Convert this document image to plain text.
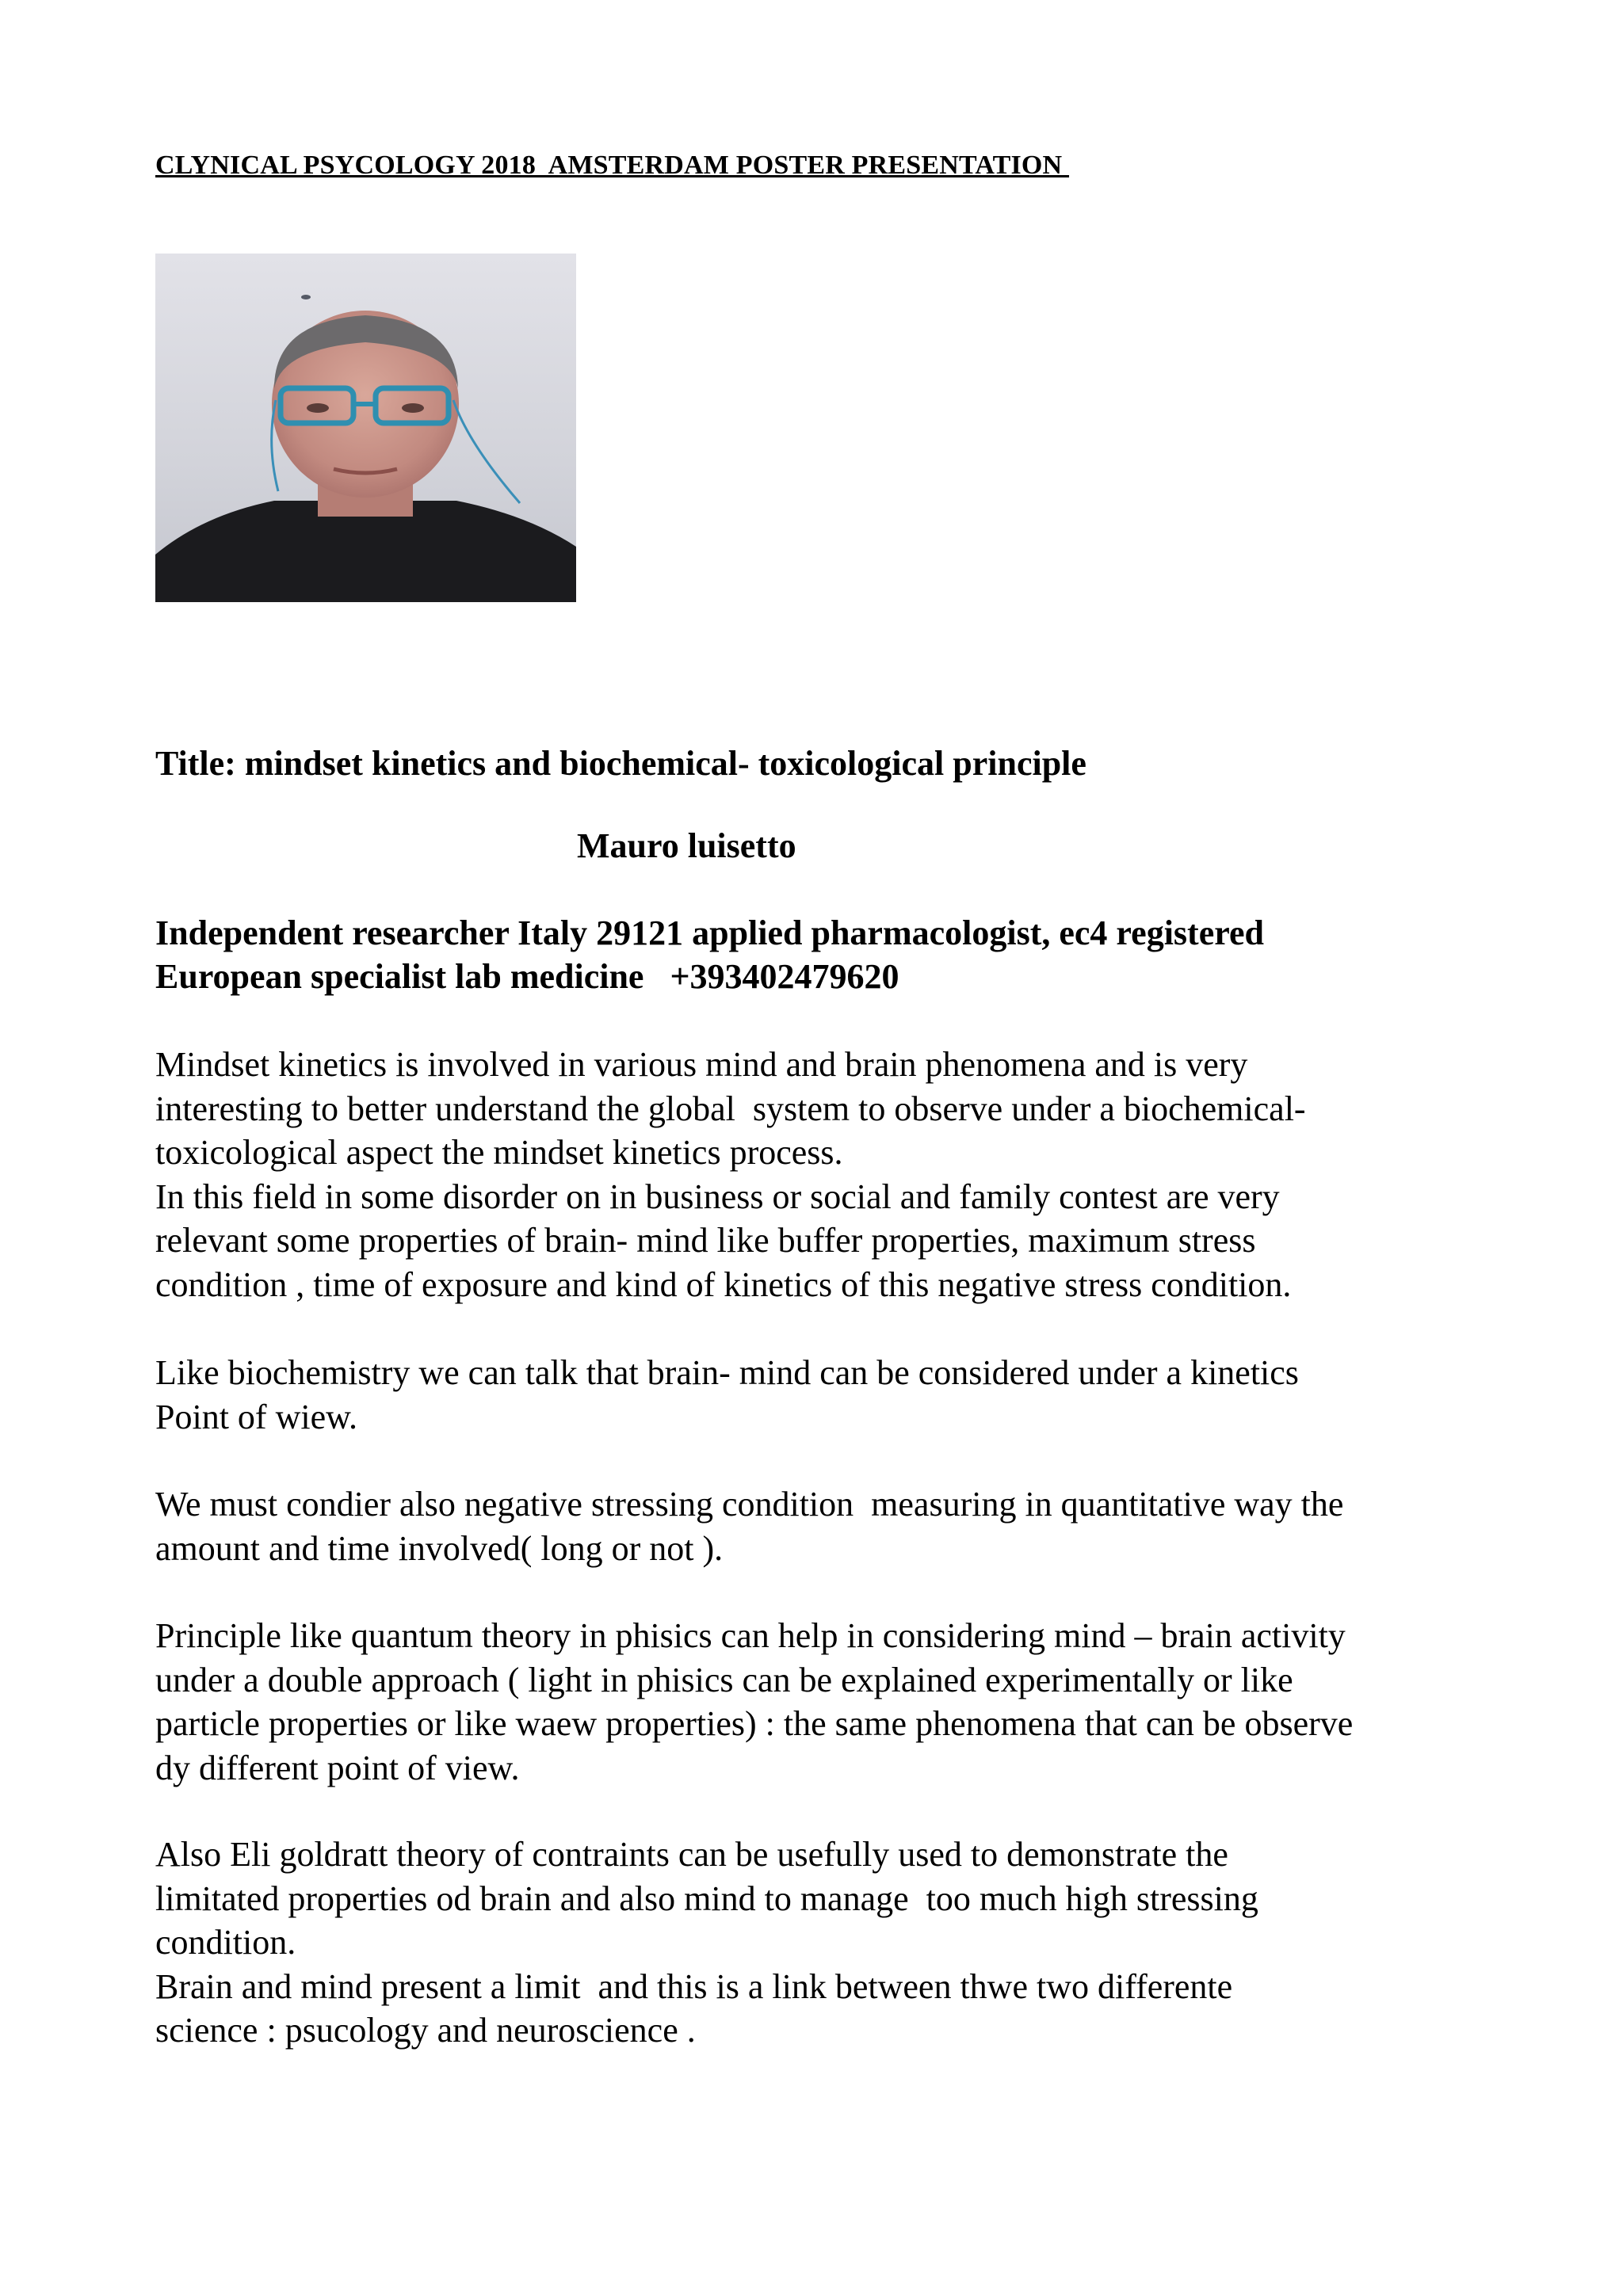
CLYNICAL PSYCOLOGY 2018  AMSTERDAM POSTER PRESENTATION
Title: mindset kinetics and biochemical- toxicological principle
Mauro luisetto
Independent researcher Italy 29121 applied pharmacologist, ec4 registered
European specialist lab medicine   +393402479620
Mindset kinetics is involved in various mind and brain phenomena and is very
interesting to better understand the global  system to observe under a biochemical-
toxicological aspect the mindset kinetics process.
In this field in some disorder on in business or social and family contest are very
relevant some properties of brain- mind like buffer properties, maximum stress
condition , time of exposure and kind of kinetics of this negative stress condition.
Like biochemistry we can talk that brain- mind can be considered under a kinetics
Point of wiew.
We must condier also negative stressing condition  measuring in quantitative way the
amount and time involved( long or not ).
Principle like quantum theory in phisics can help in considering mind – brain activity
under a double approach ( light in phisics can be explained experimentally or like
particle properties or like waew properties) : the same phenomena that can be observe
dy different point of view.
Also Eli goldratt theory of contraints can be usefully used to demonstrate the
limitated properties od brain and also mind to manage  too much high stressing
condition.
Brain and mind present a limit  and this is a link between thwe two differente
science : psucology and neuroscience .
